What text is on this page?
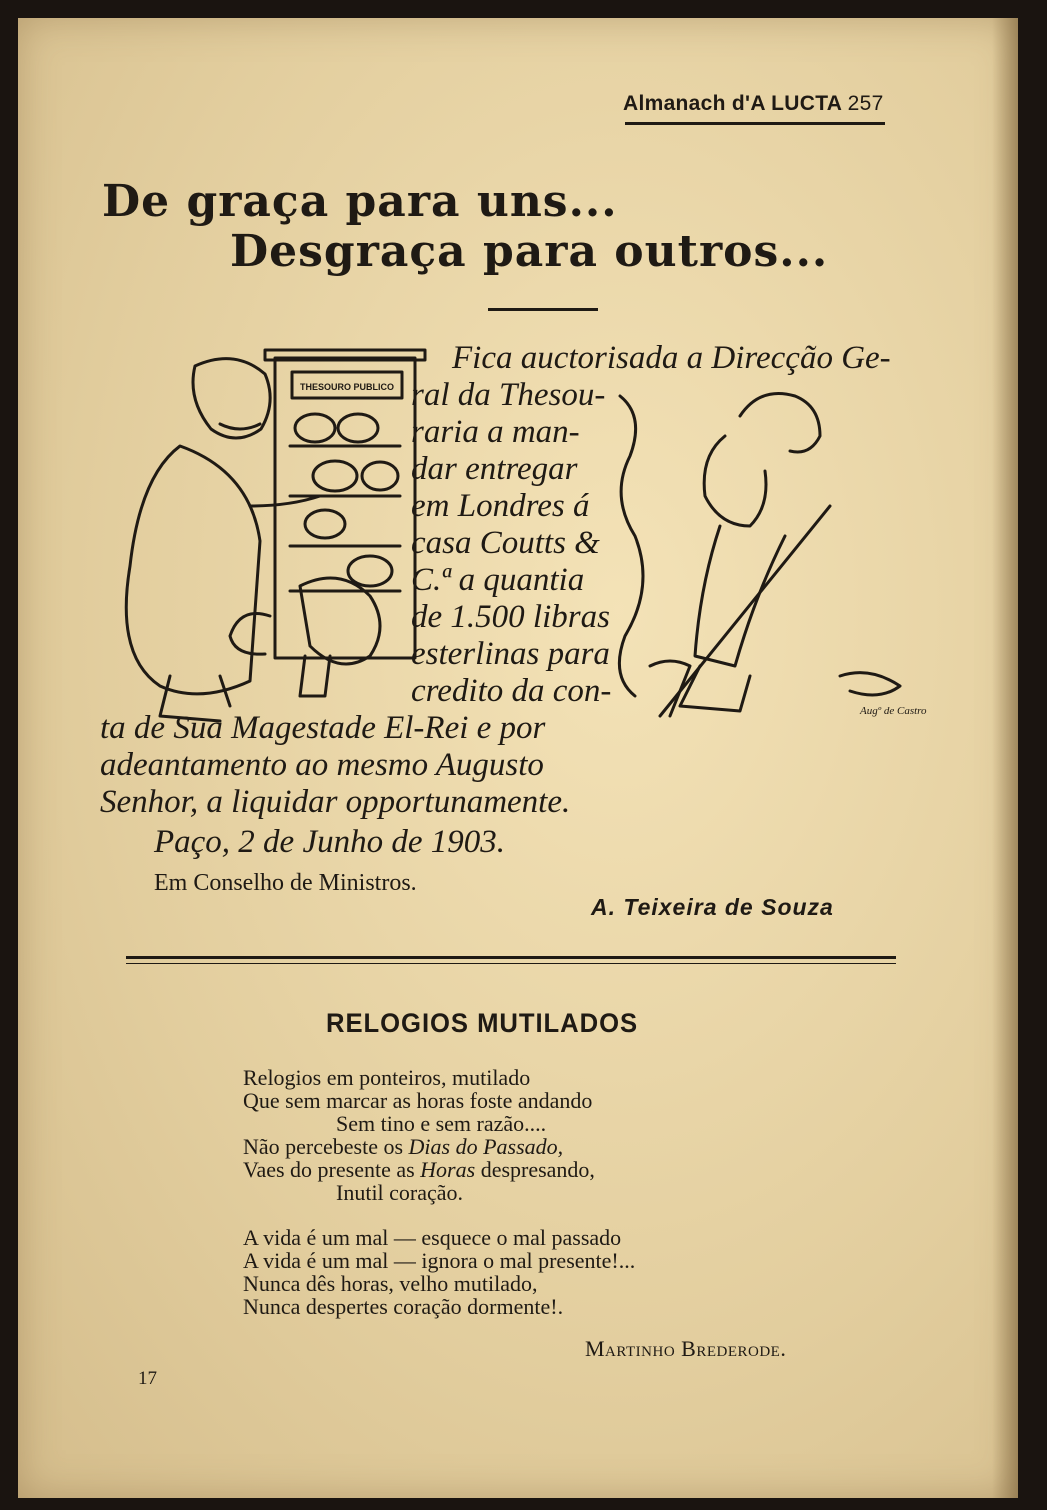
Almanach d'A LUCTA 257
De graça para uns...
Desgraça para outros...
THESOURO PUBLICO
Augº de Castro
Fica auctorisada a Direcção Ge-
ral da Thesou-
raria a man-
dar entregar
em Londres á
casa Coutts &
C.ª a quantia
de 1.500 libras
esterlinas para
credito da con-
ta de Sua Magestade El-Rei e por
adeantamento ao mesmo Augusto
Senhor, a liquidar opportunamente.
Paço, 2 de Junho de 1903.
Em Conselho de Ministros.
A. Teixeira de Souza
RELOGIOS MUTILADOS
Relogios em ponteiros, mutilado
Que sem marcar as horas foste andando
Sem tino e sem razão....
Não percebeste os Dias do Passado,
Vaes do presente as Horas despresando,
Inutil coração.
A vida é um mal — esquece o mal passado
A vida é um mal — ignora o mal presente!...
Nunca dês horas, velho mutilado,
Nunca despertes coração dormente!.
Martinho Brederode.
17
